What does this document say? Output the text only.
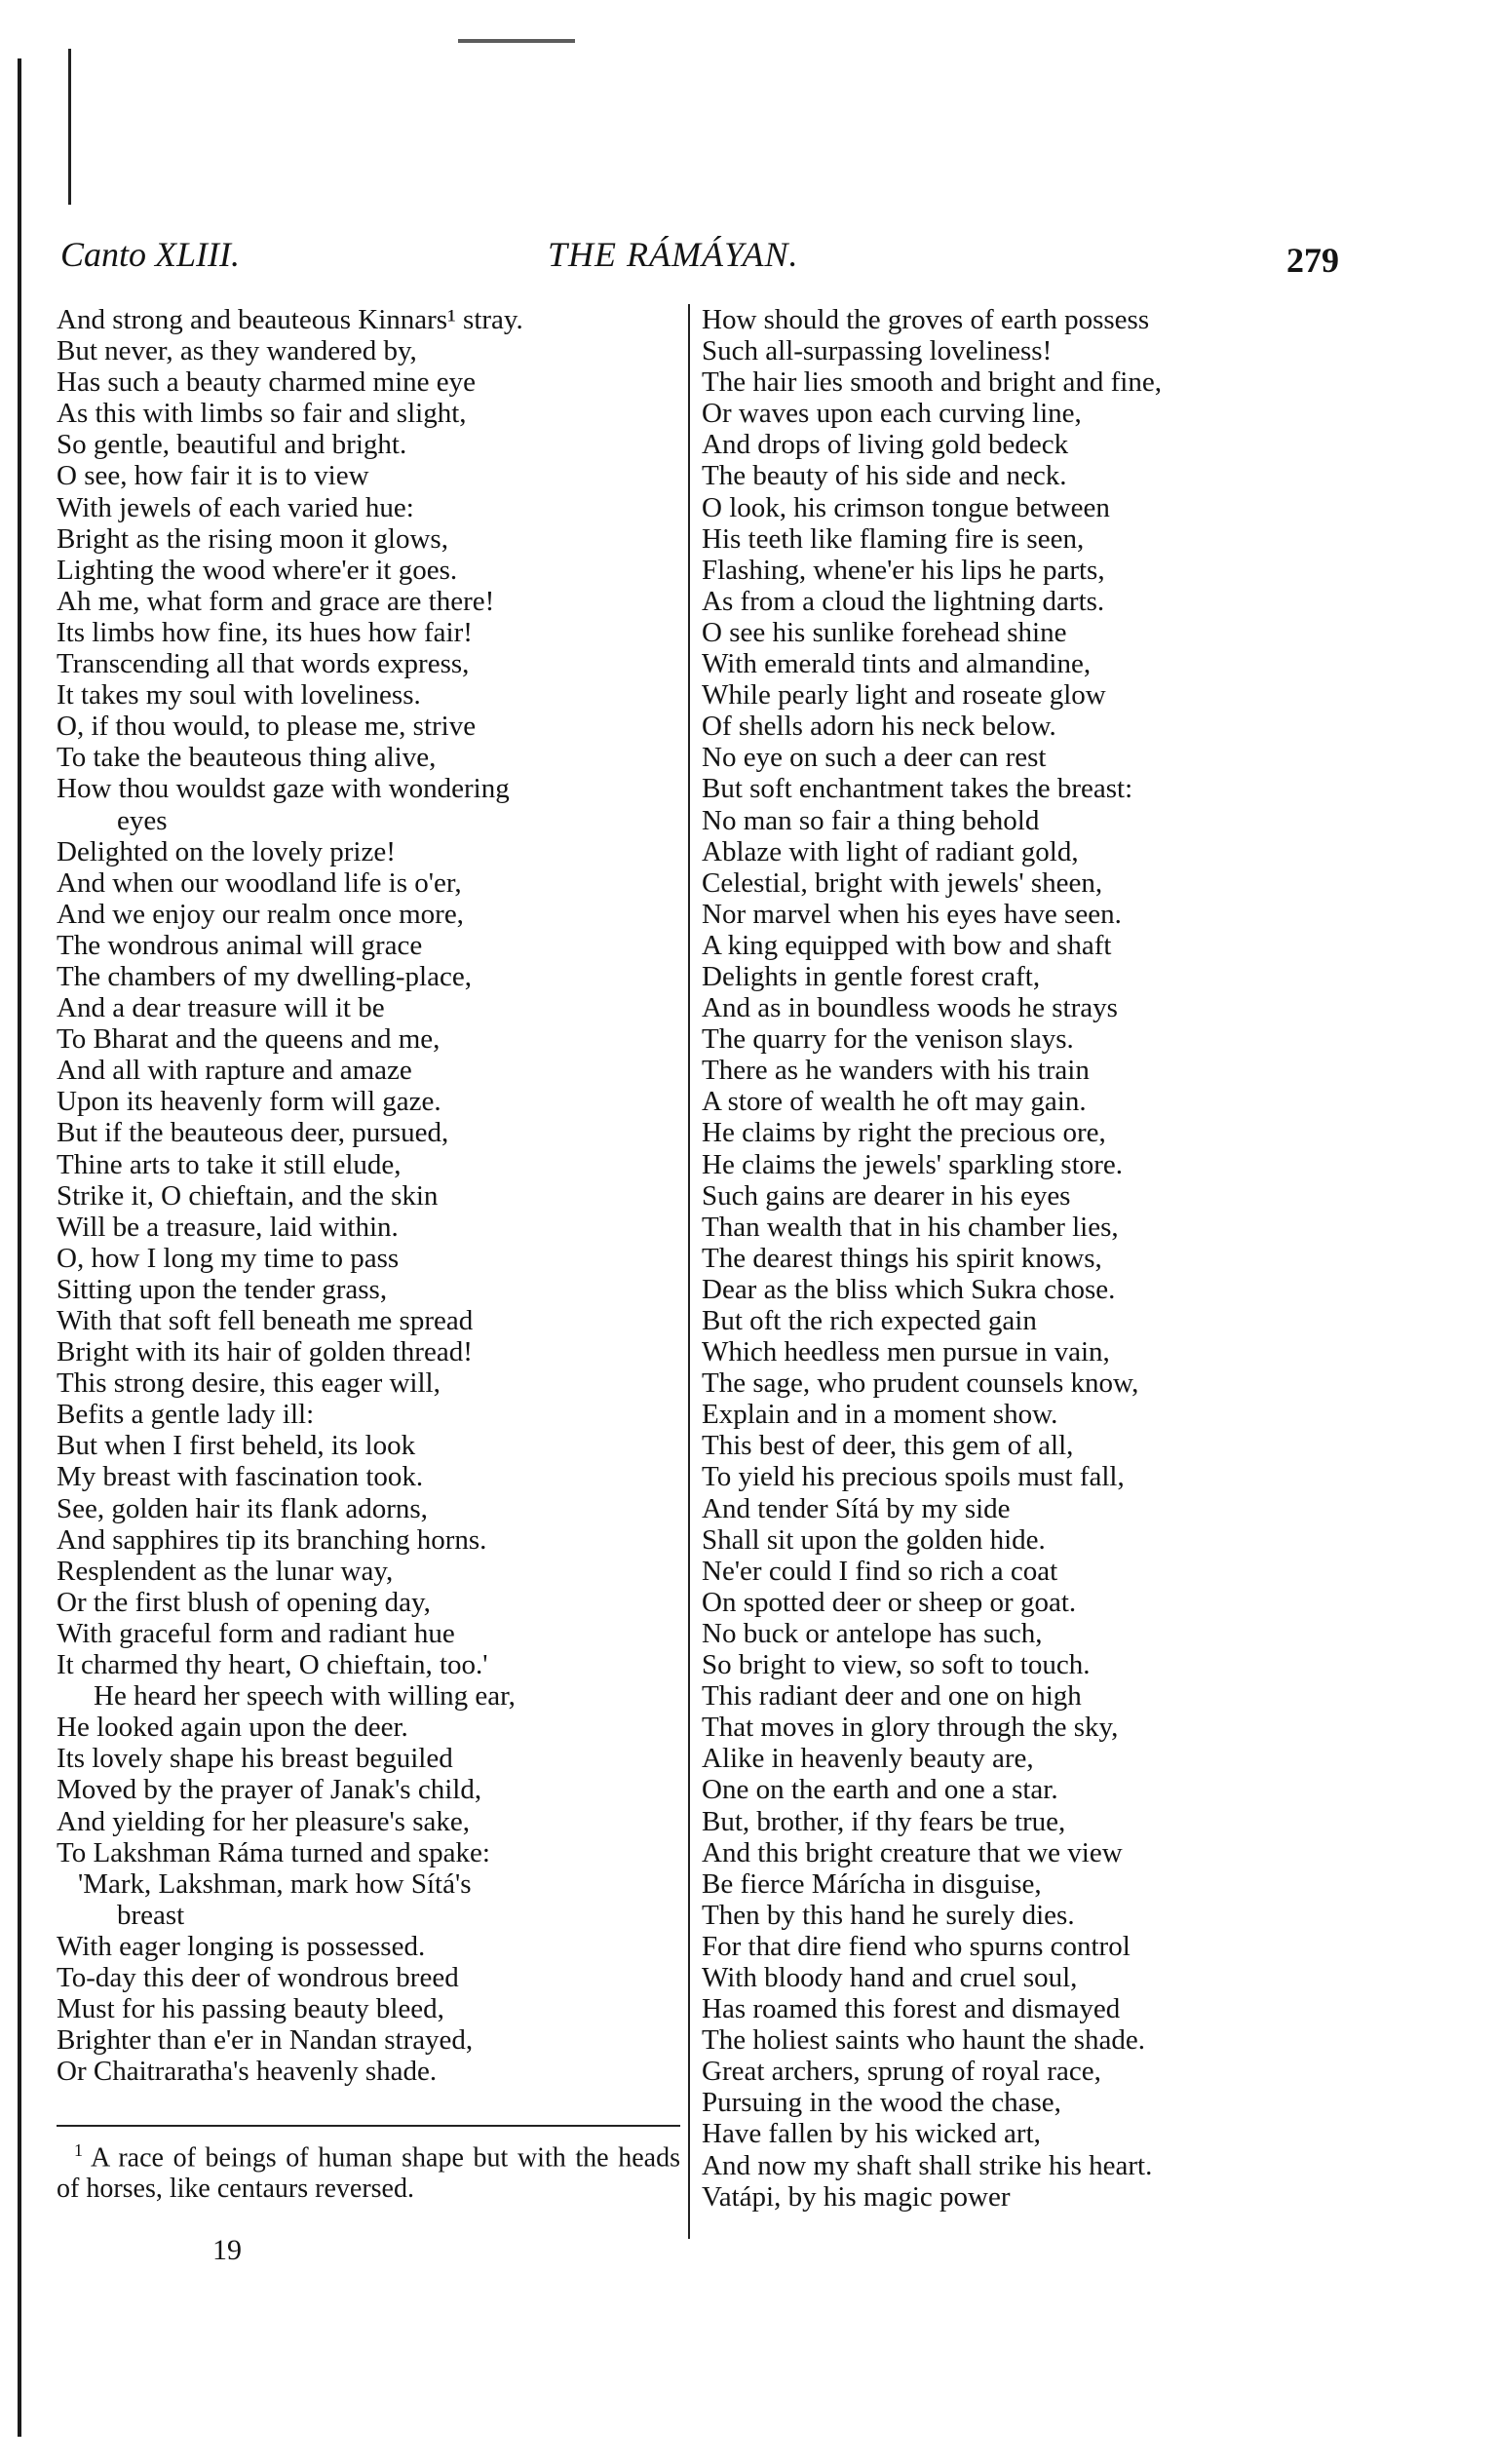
Canto XLIII.	THE RÁMÁYAN.	279
And strong and beauteous Kinnars¹ stray.
But never, as they wandered by,
Has such a beauty charmed mine eye
As this with limbs so fair and slight,
So gentle, beautiful and bright.
O see, how fair it is to view
With jewels of each varied hue:
Bright as the rising moon it glows,
Lighting the wood where'er it goes.
Ah me, what form and grace are there!
Its limbs how fine, its hues how fair!
Transcending all that words express,
It takes my soul with loveliness.
O, if thou would, to please me, strive
To take the beauteous thing alive,
How thou wouldst gaze with wondering
eyes
Delighted on the lovely prize!
And when our woodland life is o'er,
And we enjoy our realm once more,
The wondrous animal will grace
The chambers of my dwelling-place,
And a dear treasure will it be
To Bharat and the queens and me,
And all with rapture and amaze
Upon its heavenly form will gaze.
But if the beauteous deer, pursued,
Thine arts to take it still elude,
Strike it, O chieftain, and the skin
Will be a treasure, laid within.
O, how I long my time to pass
Sitting upon the tender grass,
With that soft fell beneath me spread
Bright with its hair of golden thread!
This strong desire, this eager will,
Befits a gentle lady ill:
But when I first beheld, its look
My breast with fascination took.
See, golden hair its flank adorns,
And sapphires tip its branching horns.
Resplendent as the lunar way,
Or the first blush of opening day,
With graceful form and radiant hue
It charmed thy heart, O chieftain, too.'
He heard her speech with willing ear,
He looked again upon the deer.
Its lovely shape his breast beguiled
Moved by the prayer of Janak's child,
And yielding for her pleasure's sake,
To Lakshman Ráma turned and spake:
'Mark, Lakshman, mark how Sítá's
breast
With eager longing is possessed.
To-day this deer of wondrous breed
Must for his passing beauty bleed,
Brighter than e'er in Nandan strayed,
Or Chaitraratha's heavenly shade.
How should the groves of earth possess
Such all-surpassing loveliness!
The hair lies smooth and bright and fine,
Or waves upon each curving line,
And drops of living gold bedeck
The beauty of his side and neck.
O look, his crimson tongue between
His teeth like flaming fire is seen,
Flashing, whene'er his lips he parts,
As from a cloud the lightning darts.
O see his sunlike forehead shine
With emerald tints and almandine,
While pearly light and roseate glow
Of shells adorn his neck below.
No eye on such a deer can rest
But soft enchantment takes the breast:
No man so fair a thing behold
Ablaze with light of radiant gold,
Celestial, bright with jewels' sheen,
Nor marvel when his eyes have seen.
A king equipped with bow and shaft
Delights in gentle forest craft,
And as in boundless woods he strays
The quarry for the venison slays.
There as he wanders with his train
A store of wealth he oft may gain.
He claims by right the precious ore,
He claims the jewels' sparkling store.
Such gains are dearer in his eyes
Than wealth that in his chamber lies,
The dearest things his spirit knows,
Dear as the bliss which Sukra chose.
But oft the rich expected gain
Which heedless men pursue in vain,
The sage, who prudent counsels know,
Explain and in a moment show.
This best of deer, this gem of all,
To yield his precious spoils must fall,
And tender Sítá by my side
Shall sit upon the golden hide.
Ne'er could I find so rich a coat
On spotted deer or sheep or goat.
No buck or antelope has such,
So bright to view, so soft to touch.
This radiant deer and one on high
That moves in glory through the sky,
Alike in heavenly beauty are,
One on the earth and one a star.
But, brother, if thy fears be true,
And this bright creature that we view
Be fierce Márícha in disguise,
Then by this hand he surely dies.
For that dire fiend who spurns control
With bloody hand and cruel soul,
Has roamed this forest and dismayed
The holiest saints who haunt the shade.
Great archers, sprung of royal race,
Pursuing in the wood the chase,
Have fallen by his wicked art,
And now my shaft shall strike his heart.
Vatápi, by his magic power
$^1$ A race of beings of human shape but with the heads of horses, like centaurs reversed.
19
